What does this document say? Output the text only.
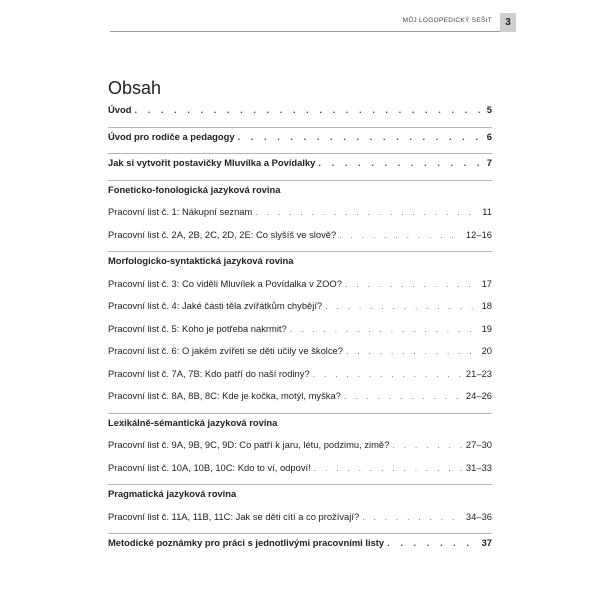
MŮJ LOGOPEDICKÝ SEŠIT	3
Obsah
Úvod . . .	5
Úvod pro rodiče a pedagogy . . .	6
Jak si vytvořit postavičky Mluvílka a Povídalky . . .	7
Foneticko-fonologická jazyková rovina
Pracovní list č. 1: Nákupní seznam . . .	11
Pracovní list č. 2A, 2B, 2C, 2D, 2E: Co slyšíš ve slově? . . .	12–16
Morfologicko-syntaktická jazyková rovina
Pracovní list č. 3: Co viděli Mluvílek a Povídalka v ZOO? . . .	17
Pracovní list č. 4: Jaké části těla zvířátkům chybějí? . . .	18
Pracovní list č. 5: Koho je potřeba nakrmit? . . .	19
Pracovní list č. 6: O jakém zvířeti se děti učily ve školce? . . .	20
Pracovní list č. 7A, 7B: Kdo patří do naší rodiny? . . .	21–23
Pracovní list č. 8A, 8B, 8C: Kde je kočka, motýl, myška? . . .	24–26
Lexikálně-sémantická jazyková rovina
Pracovní list č. 9A, 9B, 9C, 9D: Co patří k jaru, létu, podzimu, zimě? . . .	27–30
Pracovní list č. 10A, 10B, 10C: Kdo to ví, odpoví! . . .	31–33
Pragmatická jazyková rovina
Pracovní list č. 11A, 11B, 11C: Jak se děti cítí a co prožívají? . . .	34–36
Metodické poznámky pro práci s jednotlivými pracovními listy . . .	37
